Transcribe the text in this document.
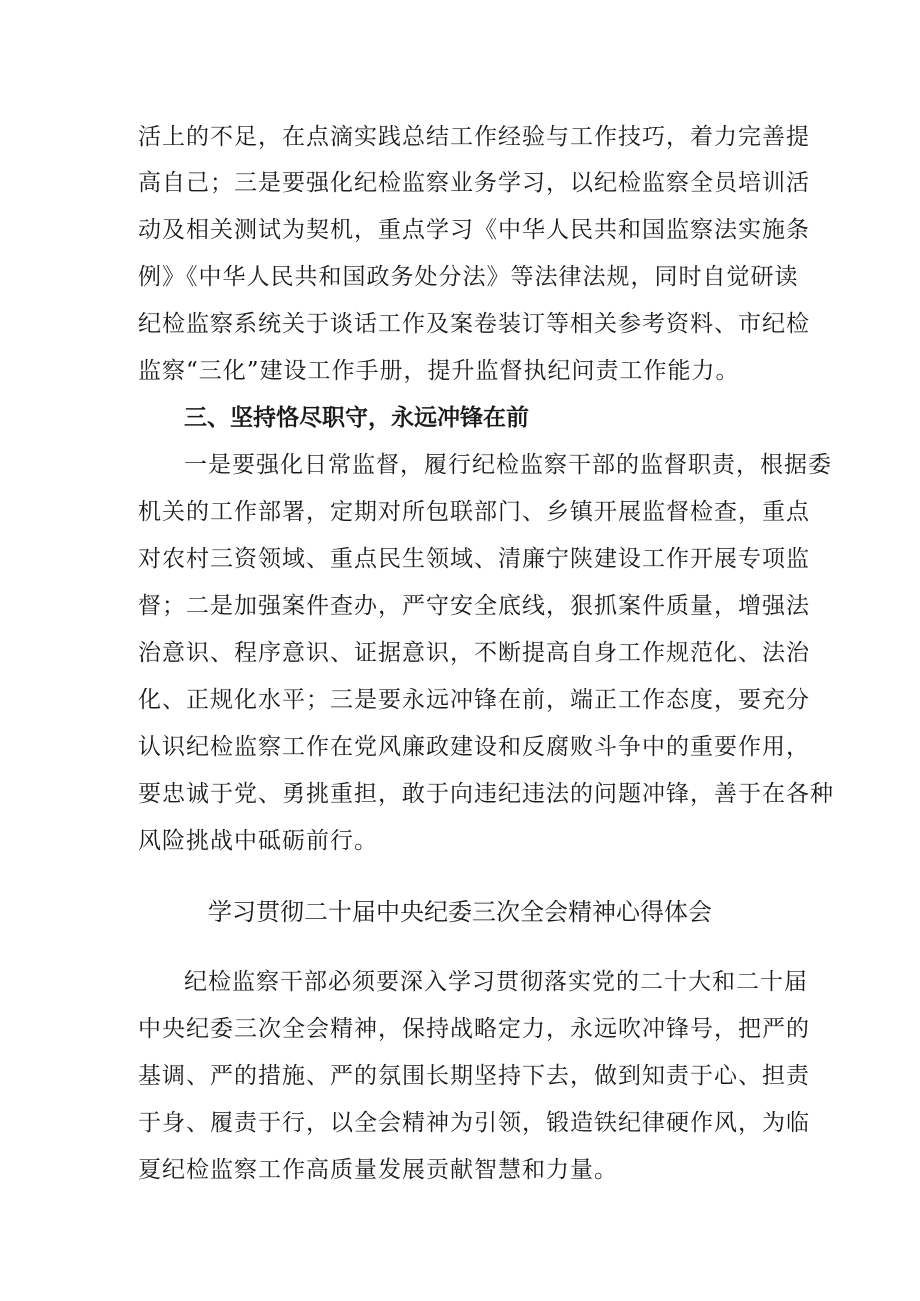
活上的不足，在点滴实践总结工作经验与工作技巧，着力完善提
高自己；三是要强化纪检监察业务学习，以纪检监察全员培训活
动及相关测试为契机，重点学习《中华人民共和国监察法实施条
例》《中华人民共和国政务处分法》等法律法规，同时自觉研读
纪检监察系统关于谈话工作及案卷装订等相关参考资料、市纪检
监察“三化”建设工作手册，提升监督执纪问责工作能力。
三、坚持恪尽职守，永远冲锋在前
一是要强化日常监督，履行纪检监察干部的监督职责，根据委
机关的工作部署，定期对所包联部门、乡镇开展监督检查，重点
对农村三资领域、重点民生领域、清廉宁陕建设工作开展专项监
督；二是加强案件查办，严守安全底线，狠抓案件质量，增强法
治意识、程序意识、证据意识，不断提高自身工作规范化、法治
化、正规化水平；三是要永远冲锋在前，端正工作态度，要充分
认识纪检监察工作在党风廉政建设和反腐败斗争中的重要作用，
要忠诚于党、勇挑重担，敢于向违纪违法的问题冲锋，善于在各种
风险挑战中砥砺前行。
学习贯彻二十届中央纪委三次全会精神心得体会
纪检监察干部必须要深入学习贯彻落实党的二十大和二十届
中央纪委三次全会精神，保持战略定力，永远吹冲锋号，把严的
基调、严的措施、严的氛围长期坚持下去，做到知责于心、担责
于身、履责于行，以全会精神为引领，锻造铁纪律硬作风，为临
夏纪检监察工作高质量发展贡献智慧和力量。
